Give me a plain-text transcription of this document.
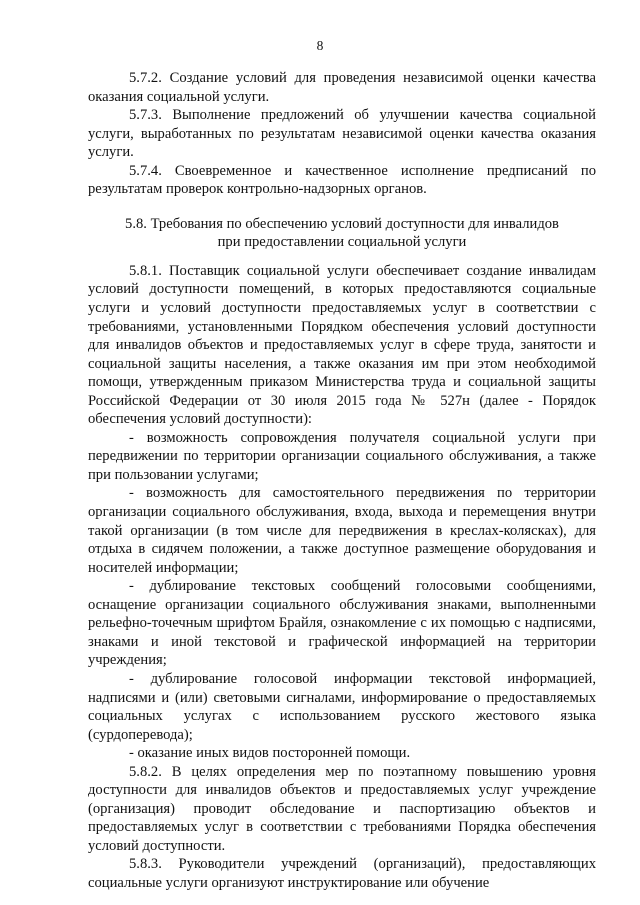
8

5.7.2. Создание условий для проведения независимой оценки качества оказания социальной услуги.

5.7.3. Выполнение предложений об улучшении качества социальной услуги, выработанных по результатам независимой оценки качества оказания услуги.

5.7.4. Своевременное и качественное исполнение предписаний по результатам проверок контрольно-надзорных органов.

5.8. Требования по обеспечению условий доступности для инвалидов
при предоставлении социальной услуги

5.8.1. Поставщик социальной услуги обеспечивает создание инвалидам условий доступности помещений, в которых предоставляются социальные услуги и условий доступности предоставляемых услуг в соответствии с требованиями, установленными Порядком обеспечения условий доступности для инвалидов объектов и предоставляемых услуг в сфере труда, занятости и социальной защиты населения, а также оказания им при этом необходимой помощи, утвержденным приказом Министерства труда и социальной защиты Российской Федерации от 30 июля 2015 года № 527н (далее - Порядок обеспечения условий доступности):

- возможность сопровождения получателя социальной услуги при передвижении по территории организации социального обслуживания, а также при пользовании услугами;

- возможность для самостоятельного передвижения по территории организации социального обслуживания, входа, выхода и перемещения внутри такой организации (в том числе для передвижения в креслах-колясках), для отдыха в сидячем положении, а также доступное размещение оборудования и носителей информации;

- дублирование текстовых сообщений голосовыми сообщениями, оснащение организации социального обслуживания знаками, выполненными рельефно-точечным шрифтом Брайля, ознакомление с их помощью с надписями, знаками и иной текстовой и графической информацией на территории учреждения;

- дублирование голосовой информации текстовой информацией, надписями и (или) световыми сигналами, информирование о предоставляемых социальных услугах с использованием русского жестового языка (сурдоперевода);

- оказание иных видов посторонней помощи.

5.8.2. В целях определения мер по поэтапному повышению уровня доступности для инвалидов объектов и предоставляемых услуг учреждение (организация) проводит обследование и паспортизацию объектов и предоставляемых услуг в соответствии с требованиями Порядка обеспечения условий доступности.

5.8.3. Руководители учреждений (организаций), предоставляющих социальные услуги организуют инструктирование или обучение
